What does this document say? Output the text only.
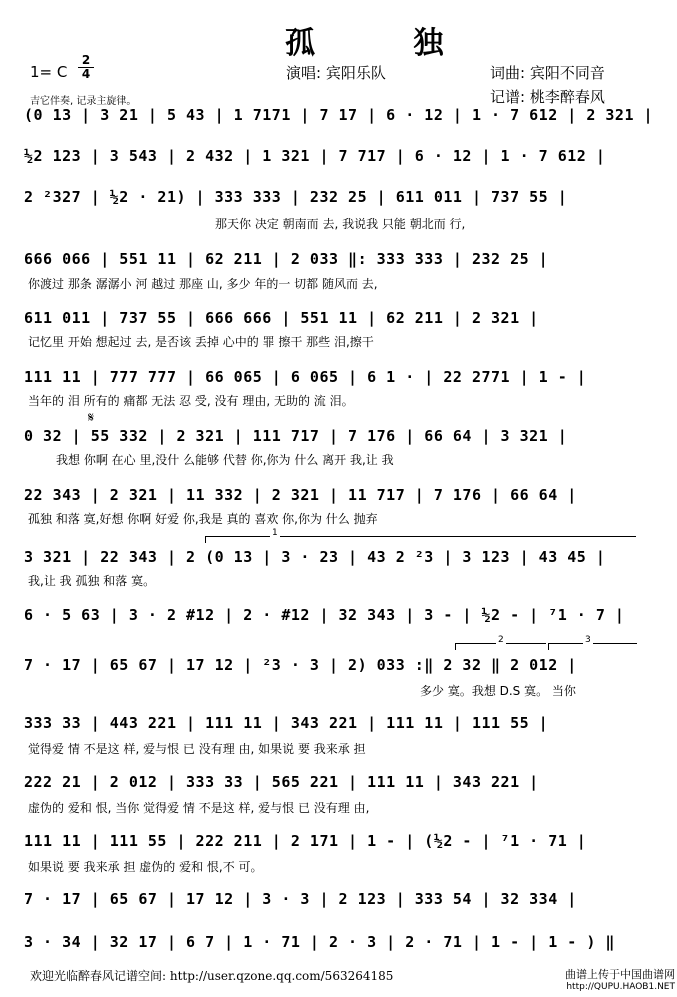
孤 独
1= C
2
4	演唱: 宾阳乐队	词曲: 宾阳不同音
记谱: 桃李醉春风
吉它伴奏, 记录主旋律。
(0 13 | 3 21 | 5 43 | 1 7171 | 7 17 | 6 · 12 | 1 · 7 612 | 2 321 |
½2 123 | 3 543 | 2 432 | 1 321 | 7 717 | 6 · 12 | 1 · 7 612 |
2 ²327 | ½2 · 21) | 333 333 | 232 25 | 611 011 | 737 55 |
那天你 决定 朝南而 去, 我说我 只能 朝北而 行,
666 066 | 551 11 | 62 211 | 2 033 ‖: 333 333 | 232 25 |
你渡过 那条 潺潺小 河 越过 那座 山, 多少 年的一 切都 随风而 去,
611 011 | 737 55 | 666 666 | 551 11 | 62 211 | 2 321 |
记忆里 开始 想起过 去, 是否该 丢掉 心中的 罪 擦干 那些 泪,擦干
111 11 | 777 777 | 66 065 | 6 065 | 6 1 · | 22 2771 | 1 - |
当年的 泪 所有的 痛都 无法 忍 受, 没有 理由, 无助的 流 泪。
𝄋
0 32 | 55 332 | 2 321 | 111 717 | 7 176 | 66 64 | 3 321 |
我想 你啊 在心 里,没什 么能够 代替 你,你为 什么 离开 我,让 我
22 343 | 2 321 | 11 332 | 2 321 | 11 717 | 7 176 | 66 64 |
孤独 和落 寞,好想 你啊 好爱 你,我是 真的 喜欢 你,你为 什么 抛弃
1
3 321 | 22 343 | 2 (0 13 | 3 · 23 | 43 2 ²3 | 3 123 | 43 45 |
我,让 我 孤独 和落 寞。
6 · 5 63 | 3 · 2 #12 | 2 · #12 | 32 343 | 3 - | ½2 - | ⁷1 · 7 |
2	3
7 · 17 | 65 67 | 17 12 | ²3 · 3 | 2) 033 :‖ 2 32 ‖ 2 012 |
多少 寞。我想 D.S 寞。 当你
333 33 | 443 221 | 111 11 | 343 221 | 111 11 | 111 55 |
觉得爱 情 不是这 样, 爱与恨 已 没有理 由, 如果说 要 我来承 担
222 21 | 2 012 | 333 33 | 565 221 | 111 11 | 343 221 |
虚伪的 爱和 恨, 当你 觉得爱 情 不是这 样, 爱与恨 已 没有理 由,
111 11 | 111 55 | 222 211 | 2 171 | 1 - | (½2 - | ⁷1 · 71 |
如果说 要 我来承 担 虚伪的 爱和 恨,不 可。
7 · 17 | 65 67 | 17 12 | 3 · 3 | 2 123 | 333 54 | 32 334 |
3 · 34 | 32 17 | 6 7 | 1 · 71 | 2 · 3 | 2 · 71 | 1 - | 1 - ) ‖
欢迎光临醉春风记谱空间: http://user.qzone.qq.com/563264185	曲谱上传于中国曲谱网
http://QUPU.HAOB1.NET
